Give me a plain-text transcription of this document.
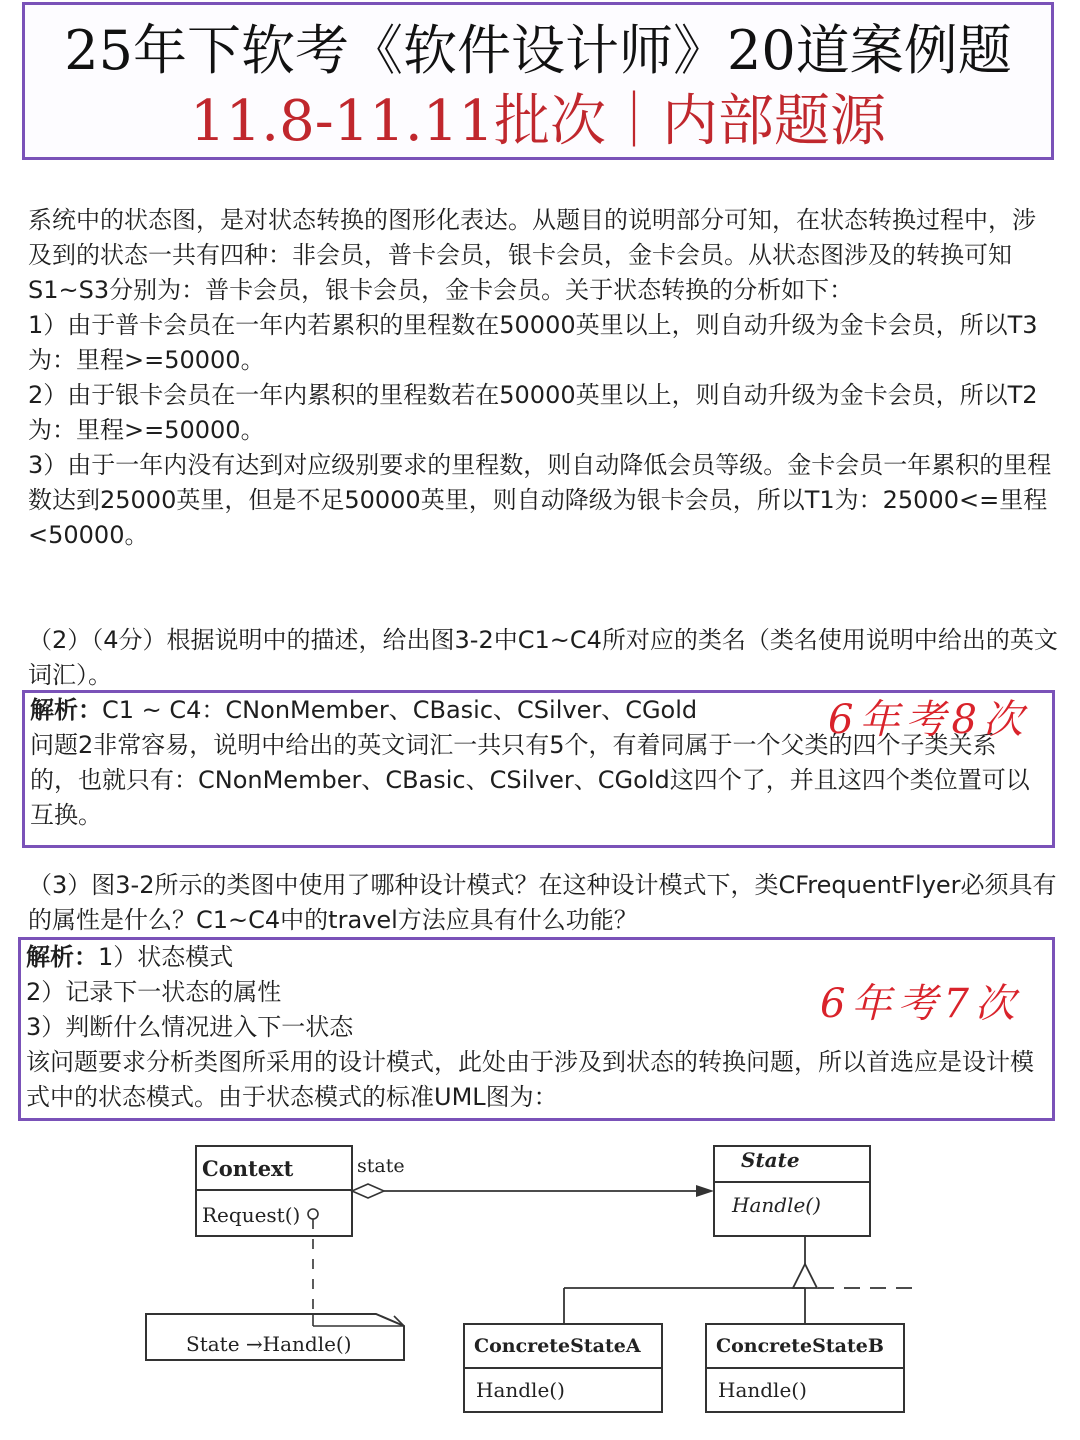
25年下软考《软件设计师》20道案例题
11.8-11.11批次｜内部题源

系统中的状态图，是对状态转换的图形化表达。从题目的说明部分可知，在状态转换过程中，涉及到的状态一共有四种：非会员，普卡会员，银卡会员，金卡会员。从状态图涉及的转换可知S1~S3分别为：普卡会员，银卡会员，金卡会员。关于状态转换的分析如下：

1）由于普卡会员在一年内若累积的里程数在50000英里以上，则自动升级为金卡会员，所以T3为：里程>=50000。

2）由于银卡会员在一年内累积的里程数若在50000英里以上，则自动升级为金卡会员，所以T2为：里程>=50000。

3）由于一年内没有达到对应级别要求的里程数，则自动降低会员等级。金卡会员一年累积的里程数达到25000英里，但是不足50000英里，则自动降级为银卡会员，所以T1为：25000<=里程<50000。

（2）（4分）根据说明中的描述，给出图3-2中C1~C4所对应的类名（类名使用说明中给出的英文词汇）。

解析：C1 ~ C4：CNonMember、CBasic、CSilver、CGold

问题2非常容易，说明中给出的英文词汇一共只有5个，有着同属于一个父类的四个子类关系的，也就只有：CNonMember、CBasic、CSilver、CGold这四个了，并且这四个类位置可以互换。

6年考8次

（3）图3-2所示的类图中使用了哪种设计模式？在这种设计模式下，类CFrequentFlyer必须具有的属性是什么？C1~C4中的travel方法应具有什么功能？

解析：1）状态模式

2）记录下一状态的属性

3）判断什么情况进入下一状态

该问题要求分析类图所采用的设计模式，此处由于涉及到状态的转换问题，所以首选应是设计模式中的状态模式。由于状态模式的标准UML图为：

6年考7次
Context
Request()
state	State
Handle()
State →Handle()	ConcreteStateA
Handle()
ConcreteStateB
Handle()
